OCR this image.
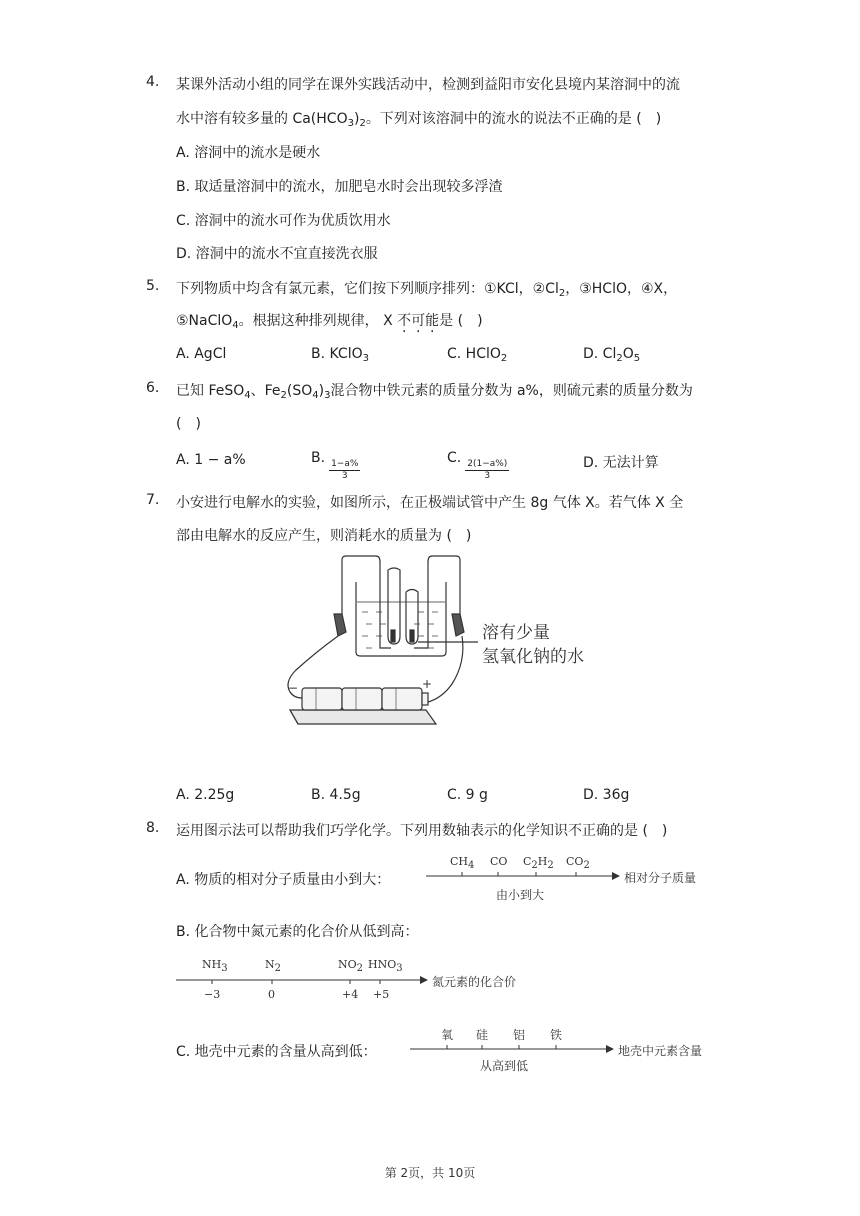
4. 某课外活动小组的同学在课外实践活动中，检测到益阳市安化县境内某溶洞中的流
水中溶有较多量的 $Ca(HCO_3)_2$。下列对该溶洞中的流水的说法不正确的是 (　)
A. 溶洞中的流水是硬水
B. 取适量溶洞中的流水，加肥皂水时会出现较多浮渣
C. 溶洞中的流水可作为优质饮用水
D. 溶洞中的流水不宜直接洗衣服
5. 下列物质中均含有氯元素，它们按下列顺序排列：①KCl，$②Cl_2$，③HClO，④X，
⑤NaClO$_4$。根据这种排列规律， X 不可能是 (　)
A. AgCl	B. KClO$_3$	C. HClO$_2$	D. $Cl_2O_5$
6. 已知 FeSO$_4$、$Fe_2(SO_4)_3$混合物中铁元素的质量分数为 a%，则硫元素的质量分数为
(　)
A. 1 − a%	B.
$\frac{1-a\%}{3}$
C.
$\frac{2(1-a\%)}{3}$	D. 无法计算
7. 小安进行电解水的实验，如图所示，在正极端试管中产生 8g 气体 X。若气体 X 全
部由电解水的反应产生，则消耗水的质量为 (　)
−	+
溶有少量
氢氧化钠的水
A. 2.25g	B. 4.5g	C. 9 g	D. 36g
8. 运用图示法可以帮助我们巧学化学。下列用数轴表示的化学知识不正确的是 (　)
A. 物质的相对分子质量由小到大：
$CH_4$ CO $C_2H_2$ $CO_2$
由小到大
相对分子质量
B. 化合物中氮元素的化合价从低到高：
$NH_3$	$N_2$	$NO_2$ $HNO_3$
−3	0	+4 +5
氮元素的化合价
C. 地壳中元素的含量从高到低：
氧 硅 铝 铁
从高到低
地壳中元素含量
第 2页，共 10页
